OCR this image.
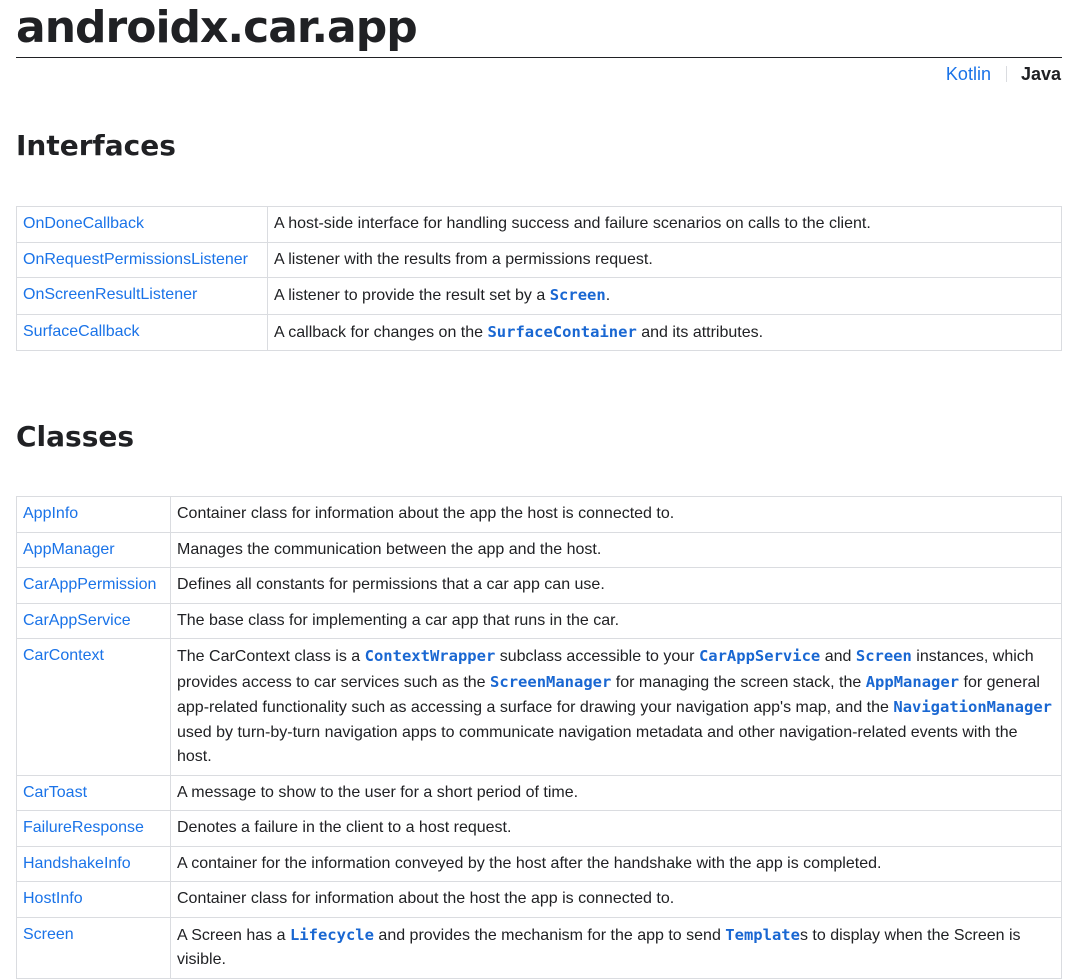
androidx.car.app
Kotlin Java
Interfaces
OnDoneCallback	A host-side interface for handling success and failure scenarios on calls to the client.
OnRequestPermissionsListener	A listener with the results from a permissions request.
OnScreenResultListener	A listener to provide the result set by a Screen.
SurfaceCallback	A callback for changes on the SurfaceContainer and its attributes.
Classes
AppInfo	Container class for information about the app the host is connected to.
AppManager	Manages the communication between the app and the host.
CarAppPermission	Defines all constants for permissions that a car app can use.
CarAppService	The base class for implementing a car app that runs in the car.
CarContext	The CarContext class is a ContextWrapper subclass accessible to your CarAppService and Screen instances, which provides access to car services such as the ScreenManager for managing the screen stack, the AppManager for general app-related functionality such as accessing a surface for drawing your navigation app's map, and the NavigationManager used by turn-by-turn navigation apps to communicate navigation metadata and other navigation-related events with the host.
CarToast	A message to show to the user for a short period of time.
FailureResponse	Denotes a failure in the client to a host request.
HandshakeInfo	A container for the information conveyed by the host after the handshake with the app is completed.
HostInfo	Container class for information about the host the app is connected to.
Screen	A Screen has a Lifecycle and provides the mechanism for the app to send Templates to display when the Screen is visible.
